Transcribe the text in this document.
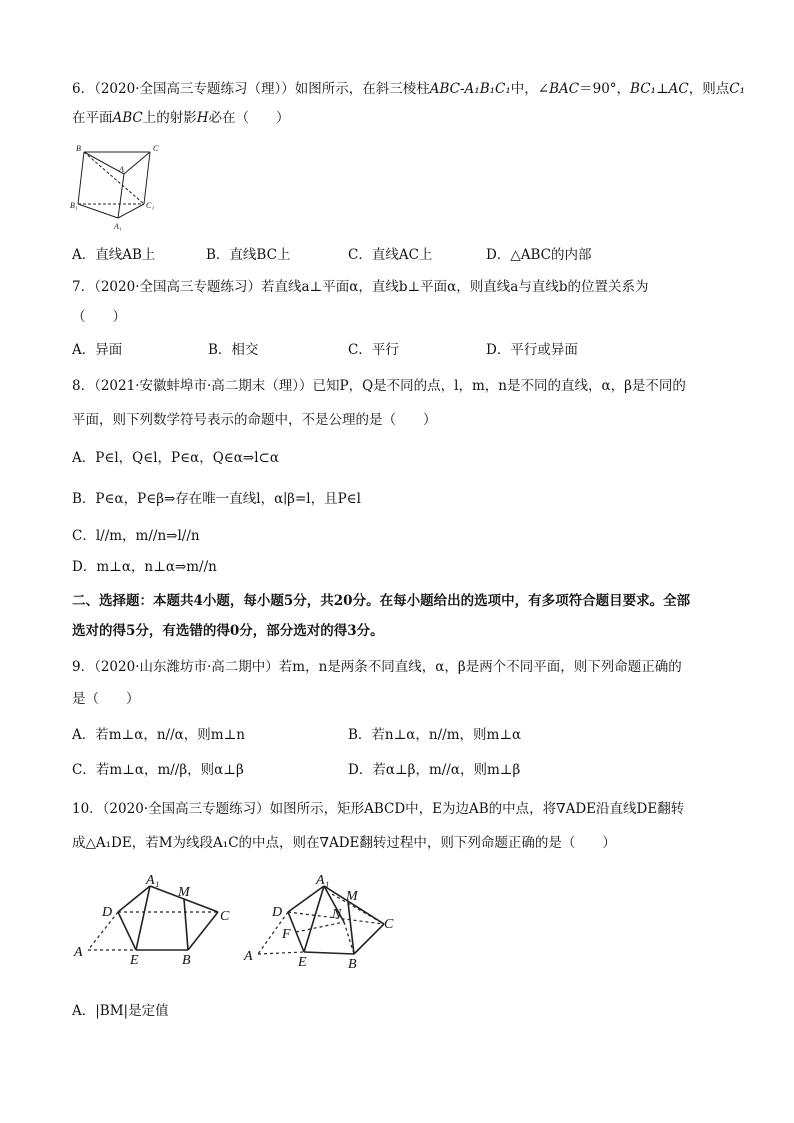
6．（2020·全国高三专题练习（理））如图所示，在斜三棱柱ABC-A₁B₁C₁中，∠BAC＝90°，BC₁⊥AC，则点C₁
在平面ABC上的射影H必在（　　）
B	C
A
B₁	C₁
A₁
A．直线AB上	B．直线BC上	C．直线AC上	D．△ABC的内部
7．（2020·全国高三专题练习）若直线a⊥平面α，直线b⊥平面α，则直线a与直线b的位置关系为
（　　）
A．异面	B．相交	C．平行	D．平行或异面
8．（2021·安徽蚌埠市·高二期末（理））已知P，Q是不同的点，l，m，n是不同的直线，α，β是不同的
平面，则下列数学符号表示的命题中，不是公理的是（　　）
A．P∈l，Q∈l，P∈α，Q∈α⇒l⊂α
B．P∈α，P∈β⇒存在唯一直线l，α∣β=l，且P∈l
C．l//m，m//n⇒l//n
D．m⊥α，n⊥α⇒m//n
二、选择题：本题共4小题，每小题5分，共20分。在每小题给出的选项中，有多项符合题目要求。全部
选对的得5分，有选错的得0分，部分选对的得3分。
9．（2020·山东潍坊市·高二期中）若m，n是两条不同直线，α，β是两个不同平面，则下列命题正确的
是（　　）
A．若m⊥α，n//α，则m⊥n	B．若n⊥α，n//m，则m⊥α
C．若m⊥α，m//β，则α⊥β	D．若α⊥β，m//α，则m⊥β
10．（2020·全国高三专题练习）如图所示，矩形ABCD中，E为边AB的中点，将∇ADE沿直线DE翻转
成△A₁DE，若M为线段A₁C的中点，则在∇ADE翻转过程中，则下列命题正确的是（　　）
A₁
M
D	C
A
E	B
A₁
M
D	N
C
F
A	E	B
A．|BM|是定值
